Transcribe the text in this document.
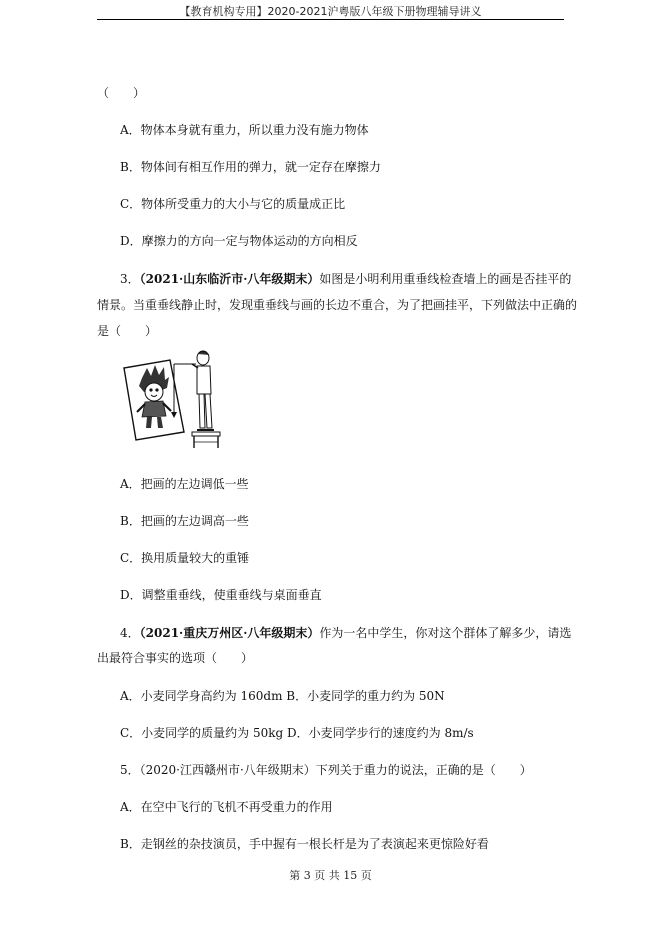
【教育机构专用】2020-2021沪粤版八年级下册物理辅导讲义
（　　）
A．物体本身就有重力，所以重力没有施力物体
B．物体间有相互作用的弹力，就一定存在摩擦力
C．物体所受重力的大小与它的质量成正比
D．摩擦力的方向一定与物体运动的方向相反
3．（2021·山东临沂市·八年级期末）如图是小明利用重垂线检查墙上的画是否挂平的
情景。当重垂线静止时，发现重垂线与画的长边不重合，为了把画挂平，下列做法中正确的
是（　　）
A．把画的左边调低一些
B．把画的左边调高一些
C．换用质量较大的重锤
D．调整重垂线，使重垂线与桌面垂直
4．（2021·重庆万州区·八年级期末）作为一名中学生，你对这个群体了解多少，请选
出最符合事实的选项（　　）
A．小麦同学身高约为 160dm B．小麦同学的重力约为 50N
C．小麦同学的质量约为 50kg D．小麦同学步行的速度约为 8m/s
5．（2020·江西赣州市·八年级期末）下列关于重力的说法，正确的是（　　）
A．在空中飞行的飞机不再受重力的作用
B．走钢丝的杂技演员，手中握有一根长杆是为了表演起来更惊险好看
第 3 页 共 15 页
